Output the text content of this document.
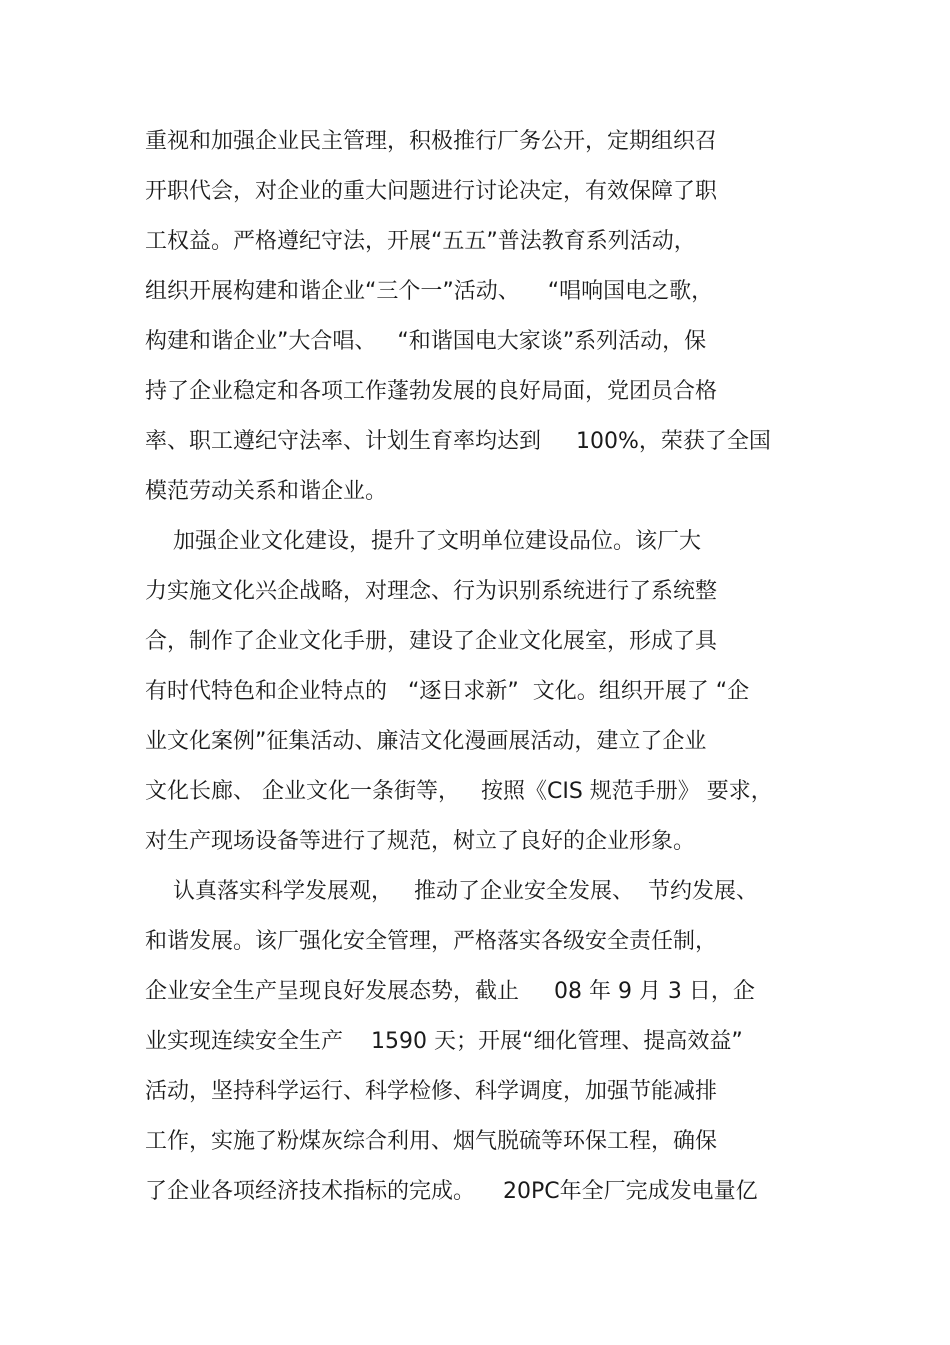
重视和加强企业民主管理，积极推行厂务公开，定期组织召
开职代会，对企业的重大问题进行讨论决定，有效保障了职
工权益。严格遵纪守法，开展“五五”普法教育系列活动，
组织开展构建和谐企业“三个一”活动、    “唱响国电之歌，
构建和谐企业”大合唱、   “和谐国电大家谈”系列活动，保
持了企业稳定和各项工作蓬勃发展的良好局面，党团员合格
率、职工遵纪守法率、计划生育率均达到     100%，荣获了全国
模范劳动关系和谐企业。
加强企业文化建设，提升了文明单位建设品位。该厂大
力实施文化兴企战略，对理念、行为识别系统进行了系统整
合，制作了企业文化手册，建设了企业文化展室，形成了具
有时代特色和企业特点的   “逐日求新”  文化。组织开展了 “企
业文化案例”征集活动、廉洁文化漫画展活动，建立了企业
文化长廊、 企业文化一条街等，   按照《CIS 规范手册》 要求，
对生产现场设备等进行了规范，树立了良好的企业形象。
认真落实科学发展观，   推动了企业安全发展、  节约发展、
和谐发展。该厂强化安全管理，严格落实各级安全责任制，
企业安全生产呈现良好发展态势，截止     08 年 9 月 3 日，企
业实现连续安全生产    1590 天；开展“细化管理、提高效益”
活动，坚持科学运行、科学检修、科学调度，加强节能减排
工作，实施了粉煤灰综合利用、烟气脱硫等环保工程，确保
了企业各项经济技术指标的完成。    20PC年全厂完成发电量亿
